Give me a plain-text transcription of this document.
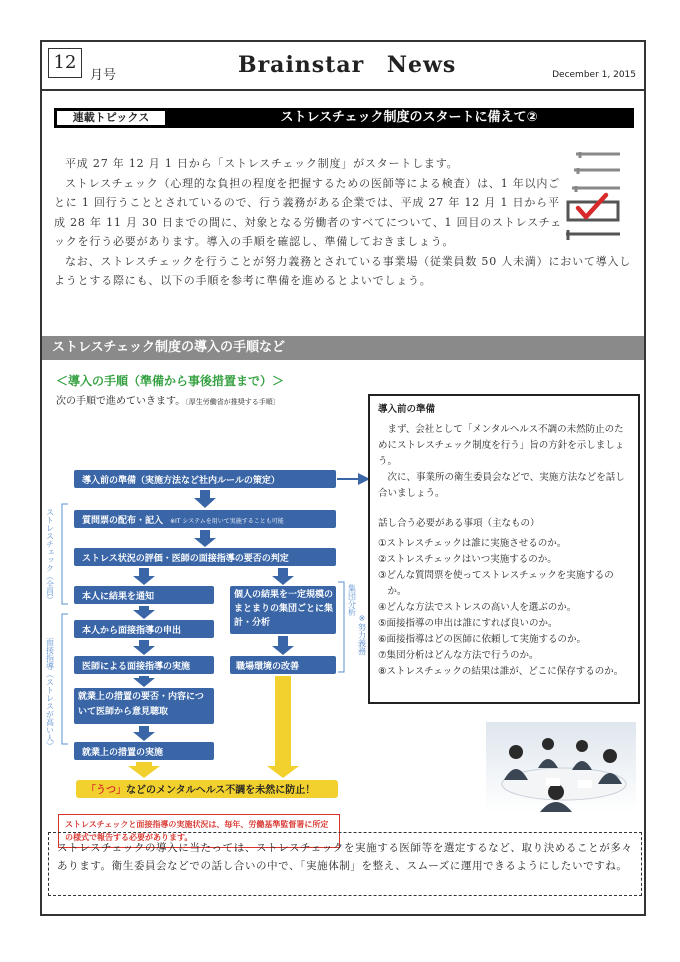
12
月号	Brainstar News	December 1, 2015
連載トピックス	ストレスチェック制度のスタートに備えて②

平成 27 年 12 月 1 日から「ストレスチェック制度」がスタートします。

ストレスチェック（心理的な負担の程度を把握するための医師等による検査）は、1 年以内ごとに 1 回行うこととされているので、行う義務がある企業では、平成 27 年 12 月 1 日から平成 28 年 11 月 30 日までの間に、対象となる労働者のすべてについて、1 回目のストレスチェックを行う必要があります。導入の手順を確認し、準備しておきましょう。

なお、ストレスチェックを行うことが努力義務とされている事業場（従業員数 50 人未満）において導入しようとする際にも、以下の手順を参考に準備を進めるとよいでしょう。

ストレスチェック制度の導入の手順など
＜導入の手順（準備から事後措置まで）＞
次の手順で進めていきます。〔厚生労働省が推奨する手順〕
ストレスチェック（全員）
面接指導（ストレスが高い人）
集団分析
※努力義務
導入前の準備（実施方法など社内ルールの策定）
質問票の配布・記入 ※IT システムを用いて実施することも可能
ストレス状況の評価・医師の面接指導の要否の判定
本人に結果を通知
本人から面接指導の申出
医師による面接指導の実施
就業上の措置の要否・内容について医師から意見聴取
就業上の措置の実施
個人の結果を一定規模のまとまりの集団ごとに集計・分析
職場環境の改善
「うつ」などのメンタルヘルス不調を未然に防止！
ストレスチェックと面接指導の実施状況は、毎年、労働基準監督署に所定の様式で報告する必要があります。
導入前の準備
まず、会社として「メンタルヘルス不調の未然防止のためにストレスチェック制度を行う」旨の方針を示しましょう。
次に、事業所の衛生委員会などで、実施方法などを話し合いましょう。
話し合う必要がある事項（主なもの）
①ストレスチェックは誰に実施させるのか。
②ストレスチェックはいつ実施するのか。
③どんな質問票を使ってストレスチェックを実施するのか。
④どんな方法でストレスの高い人を選ぶのか。
⑤面接指導の申出は誰にすれば良いのか。
⑥面接指導はどの医師に依頼して実施するのか。
⑦集団分析はどんな方法で行うのか。
⑧ストレスチェックの結果は誰が、どこに保存するのか。
ストレスチェックの導入に当たっては、ストレスチェックを実施する医師等を選定するなど、取り決めることが多々あります。衛生委員会などでの話し合いの中で、「実施体制」を整え、スムーズに運用できるようにしたいですね。
